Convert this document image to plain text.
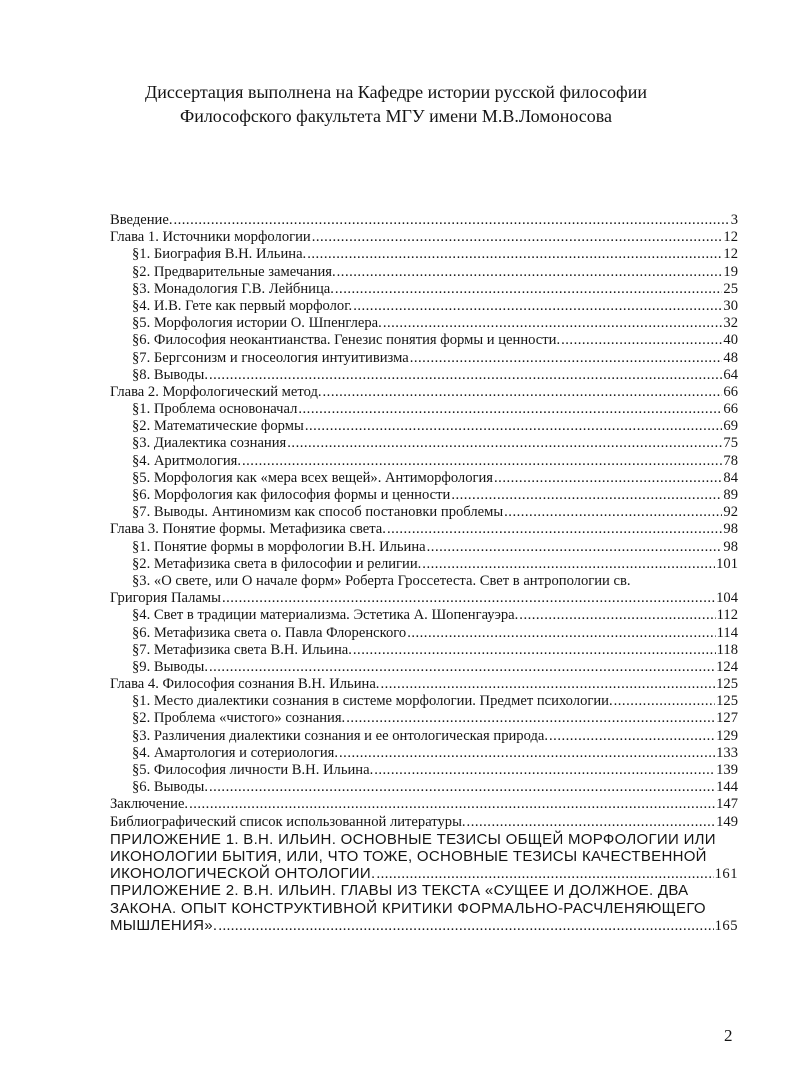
Диссертация выполнена на Кафедре истории русской философии
Философского факультета МГУ имени М.В.Ломоносова
Введение. .....	3
Глава 1. Источники морфологии .....	12
§1. Биография В.Н. Ильина. .....	12
§2. Предварительные замечания. .....	19
§3. Монадология Г.В. Лейбница. .....	25
§4. И.В. Гете как первый морфолог. .....	30
§5. Морфология истории О. Шпенглера. .....	32
§6. Философия неокантианства. Генезис понятия формы и ценности. .....	40
§7. Бергсонизм и гносеология интуитивизма .....	48
§8. Выводы. .....	64
Глава 2. Морфологический метод. .....	66
§1. Проблема основоначал .....	66
§2. Математические формы .....	69
§3. Диалектика сознания .....	75
§4. Аритмология. .....	78
§5. Морфология как «мера всех вещей». Антиморфология .....	84
§6. Морфология как философия формы и ценности .....	89
§7. Выводы. Антиномизм как способ постановки проблемы .....	92
Глава 3. Понятие формы. Метафизика света. .....	98
§1. Понятие формы в морфологии В.Н. Ильина .....	98
§2. Метафизика света в философии и религии. .....	101
§3. «О свете, или О начале форм» Роберта Гроссетеста. Свет в антропологии св.
Григория Паламы .....	104
§4. Свет в традиции материализма. Эстетика А. Шопенгауэра. .....	112
§6. Метафизика света о. Павла Флоренского .....	114
§7. Метафизика света В.Н. Ильина. .....	118
§9. Выводы. .....	124
Глава 4. Философия сознания В.Н. Ильина. .....	125
§1. Место диалектики сознания в системе морфологии. Предмет психологии. .....	125
§2. Проблема «чистого» сознания. .....	127
§3. Различения диалектики сознания и ее онтологическая природа. .....	129
§4. Амартология и сотериология. .....	133
§5. Философия личности В.Н. Ильина. .....	139
§6. Выводы. .....	144
Заключение. .....	147
Библиографический список использованной литературы. .....	149
ПРИЛОЖЕНИЕ 1. В.Н. ИЛЬИН. ОСНОВНЫЕ ТЕЗИСЫ ОБЩЕЙ МОРФОЛОГИИ ИЛИ
ИКОНОЛОГИИ БЫТИЯ, ИЛИ, ЧТО ТОЖЕ, ОСНОВНЫЕ ТЕЗИСЫ КАЧЕСТВЕННОЙ
ИКОНОЛОГИЧЕСКОЙ ОНТОЛОГИИ. .....	161
ПРИЛОЖЕНИЕ 2. В.Н. ИЛЬИН. ГЛАВЫ ИЗ ТЕКСТА «СУЩЕЕ И ДОЛЖНОЕ. ДВА
ЗАКОНА. ОПЫТ КОНСТРУКТИВНОЙ КРИТИКИ ФОРМАЛЬНО-РАСЧЛЕНЯЮЩЕГО
МЫШЛЕНИЯ». .....	165
2
